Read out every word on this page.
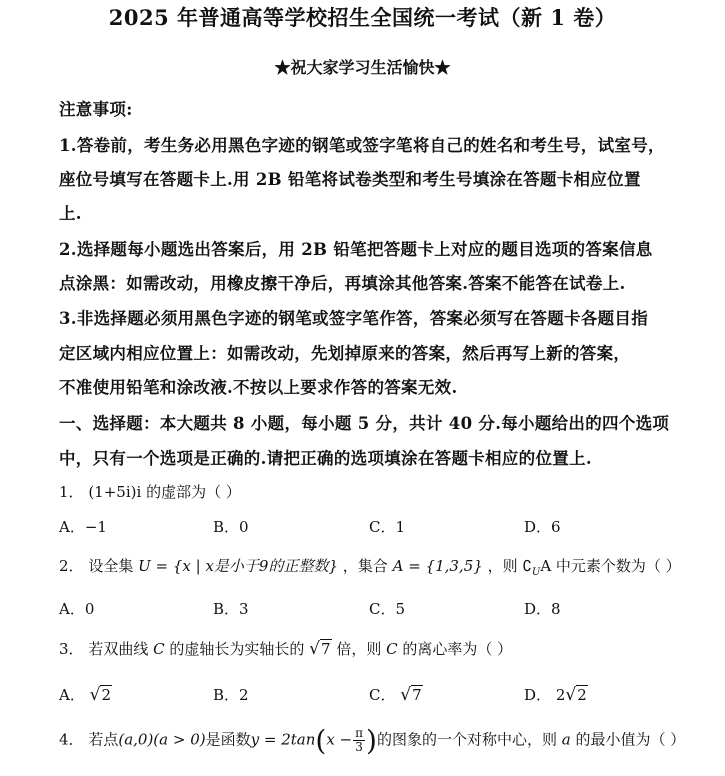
2025 年普通高等学校招生全国统一考试（新 1 卷）
★祝大家学习生活愉快★
注意事项:
1.答卷前，考生务必用黑色字迹的钢笔或签字笔将自己的姓名和考生号，试室号，
座位号填写在答题卡上.用 2B 铅笔将试卷类型和考生号填涂在答题卡相应位置
上.
2.选择题每小题选出答案后，用 2B 铅笔把答题卡上对应的题目选项的答案信息
点涂黑：如需改动，用橡皮擦干净后，再填涂其他答案.答案不能答在试卷上.
3.非选择题必须用黑色字迹的钢笔或签字笔作答，答案必须写在答题卡各题目指
定区域内相应位置上：如需改动，先划掉原来的答案，然后再写上新的答案，
不准使用铅笔和涂改液.不按以上要求作答的答案无效.
一、选择题：本大题共 8 小题，每小题 5 分，共计 40 分.每小题给出的四个选项
中，只有一个选项是正确的.请把正确的选项填涂在答题卡相应的位置上.
1． (1+5i)i 的虚部为（ ）
A．−1	B．0	C．1	D．6
2． 设全集 U = {x | x是小于9的正整数} ，集合 A = {1,3,5} ，则 $∁_UA$ 中元素个数为（ ）
A．0	B．3	C．5	D．8
3． 若双曲线 C 的虚轴长为实轴长的 √7 倍，则 C 的离心率为（ ）
A． √2	B．2	C． √7	D． 2√2
4． 若点(a,0)(a > 0)是函数$y = 2\tan(x - \frac{\pi}{3}$ )的图象的一个对称中心，则 a 的最小值为（ ）
